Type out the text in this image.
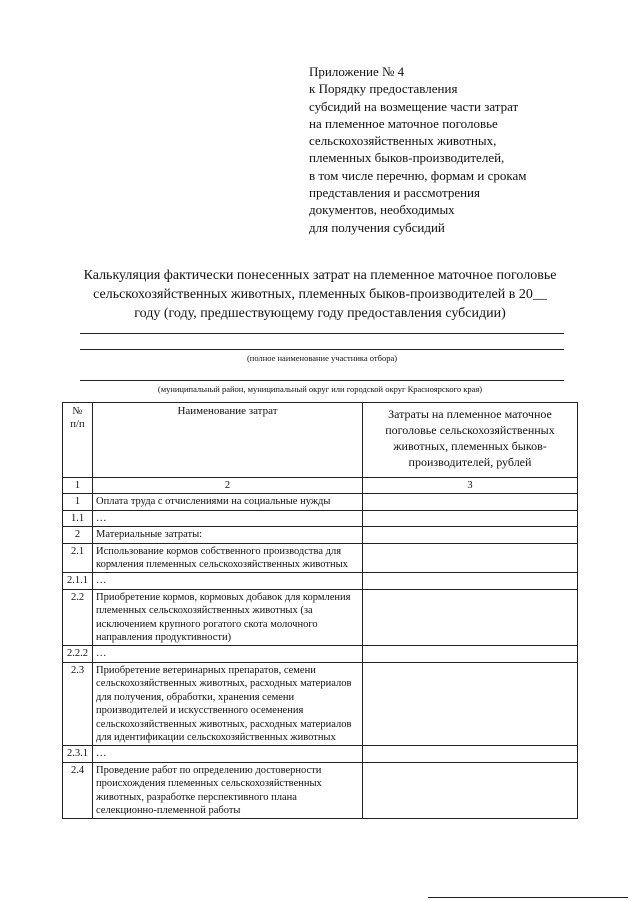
Приложение № 4
к Порядку предоставления
субсидий на возмещение части затрат
на племенное маточное поголовье
сельскохозяйственных животных,
племенных быков-производителей,
в том числе перечню, формам и срокам
представления и рассмотрения
документов, необходимых
для получения субсидий
Калькуляция фактически понесенных затрат на племенное маточное поголовье
сельскохозяйственных животных, племенных быков-производителей в 20__
году (году, предшествующему году предоставления субсидии)
(полное наименование участника отбора)
(муниципальный район, муниципальный округ или городской округ Красноярского края)
№ п/п	Наименование затрат	Затраты на племенное маточное поголовье сельскохозяйственных животных, племенных быков-производителей, рублей
1	2	3
1	Оплата труда с отчислениями на социальные нужды	
1.1	…	
2	Материальные затраты:	
2.1	Использование кормов собственного производства для кормления племенных сельскохозяйственных животных	
2.1.1	…	
2.2	Приобретение кормов, кормовых добавок для кормления племенных сельскохозяйственных животных (за исключением крупного рогатого скота молочного направления продуктивности)	
2.2.2	…	
2.3	Приобретение ветеринарных препаратов, семени сельскохозяйственных животных, расходных материалов для получения, обработки, хранения семени производителей и искусственного осеменения сельскохозяйственных животных, расходных материалов для идентификации сельскохозяйственных животных	
2.3.1	…	
2.4	Проведение работ по определению достоверности происхождения племенных сельскохозяйственных животных, разработке перспективного плана селекционно-племенной работы	
